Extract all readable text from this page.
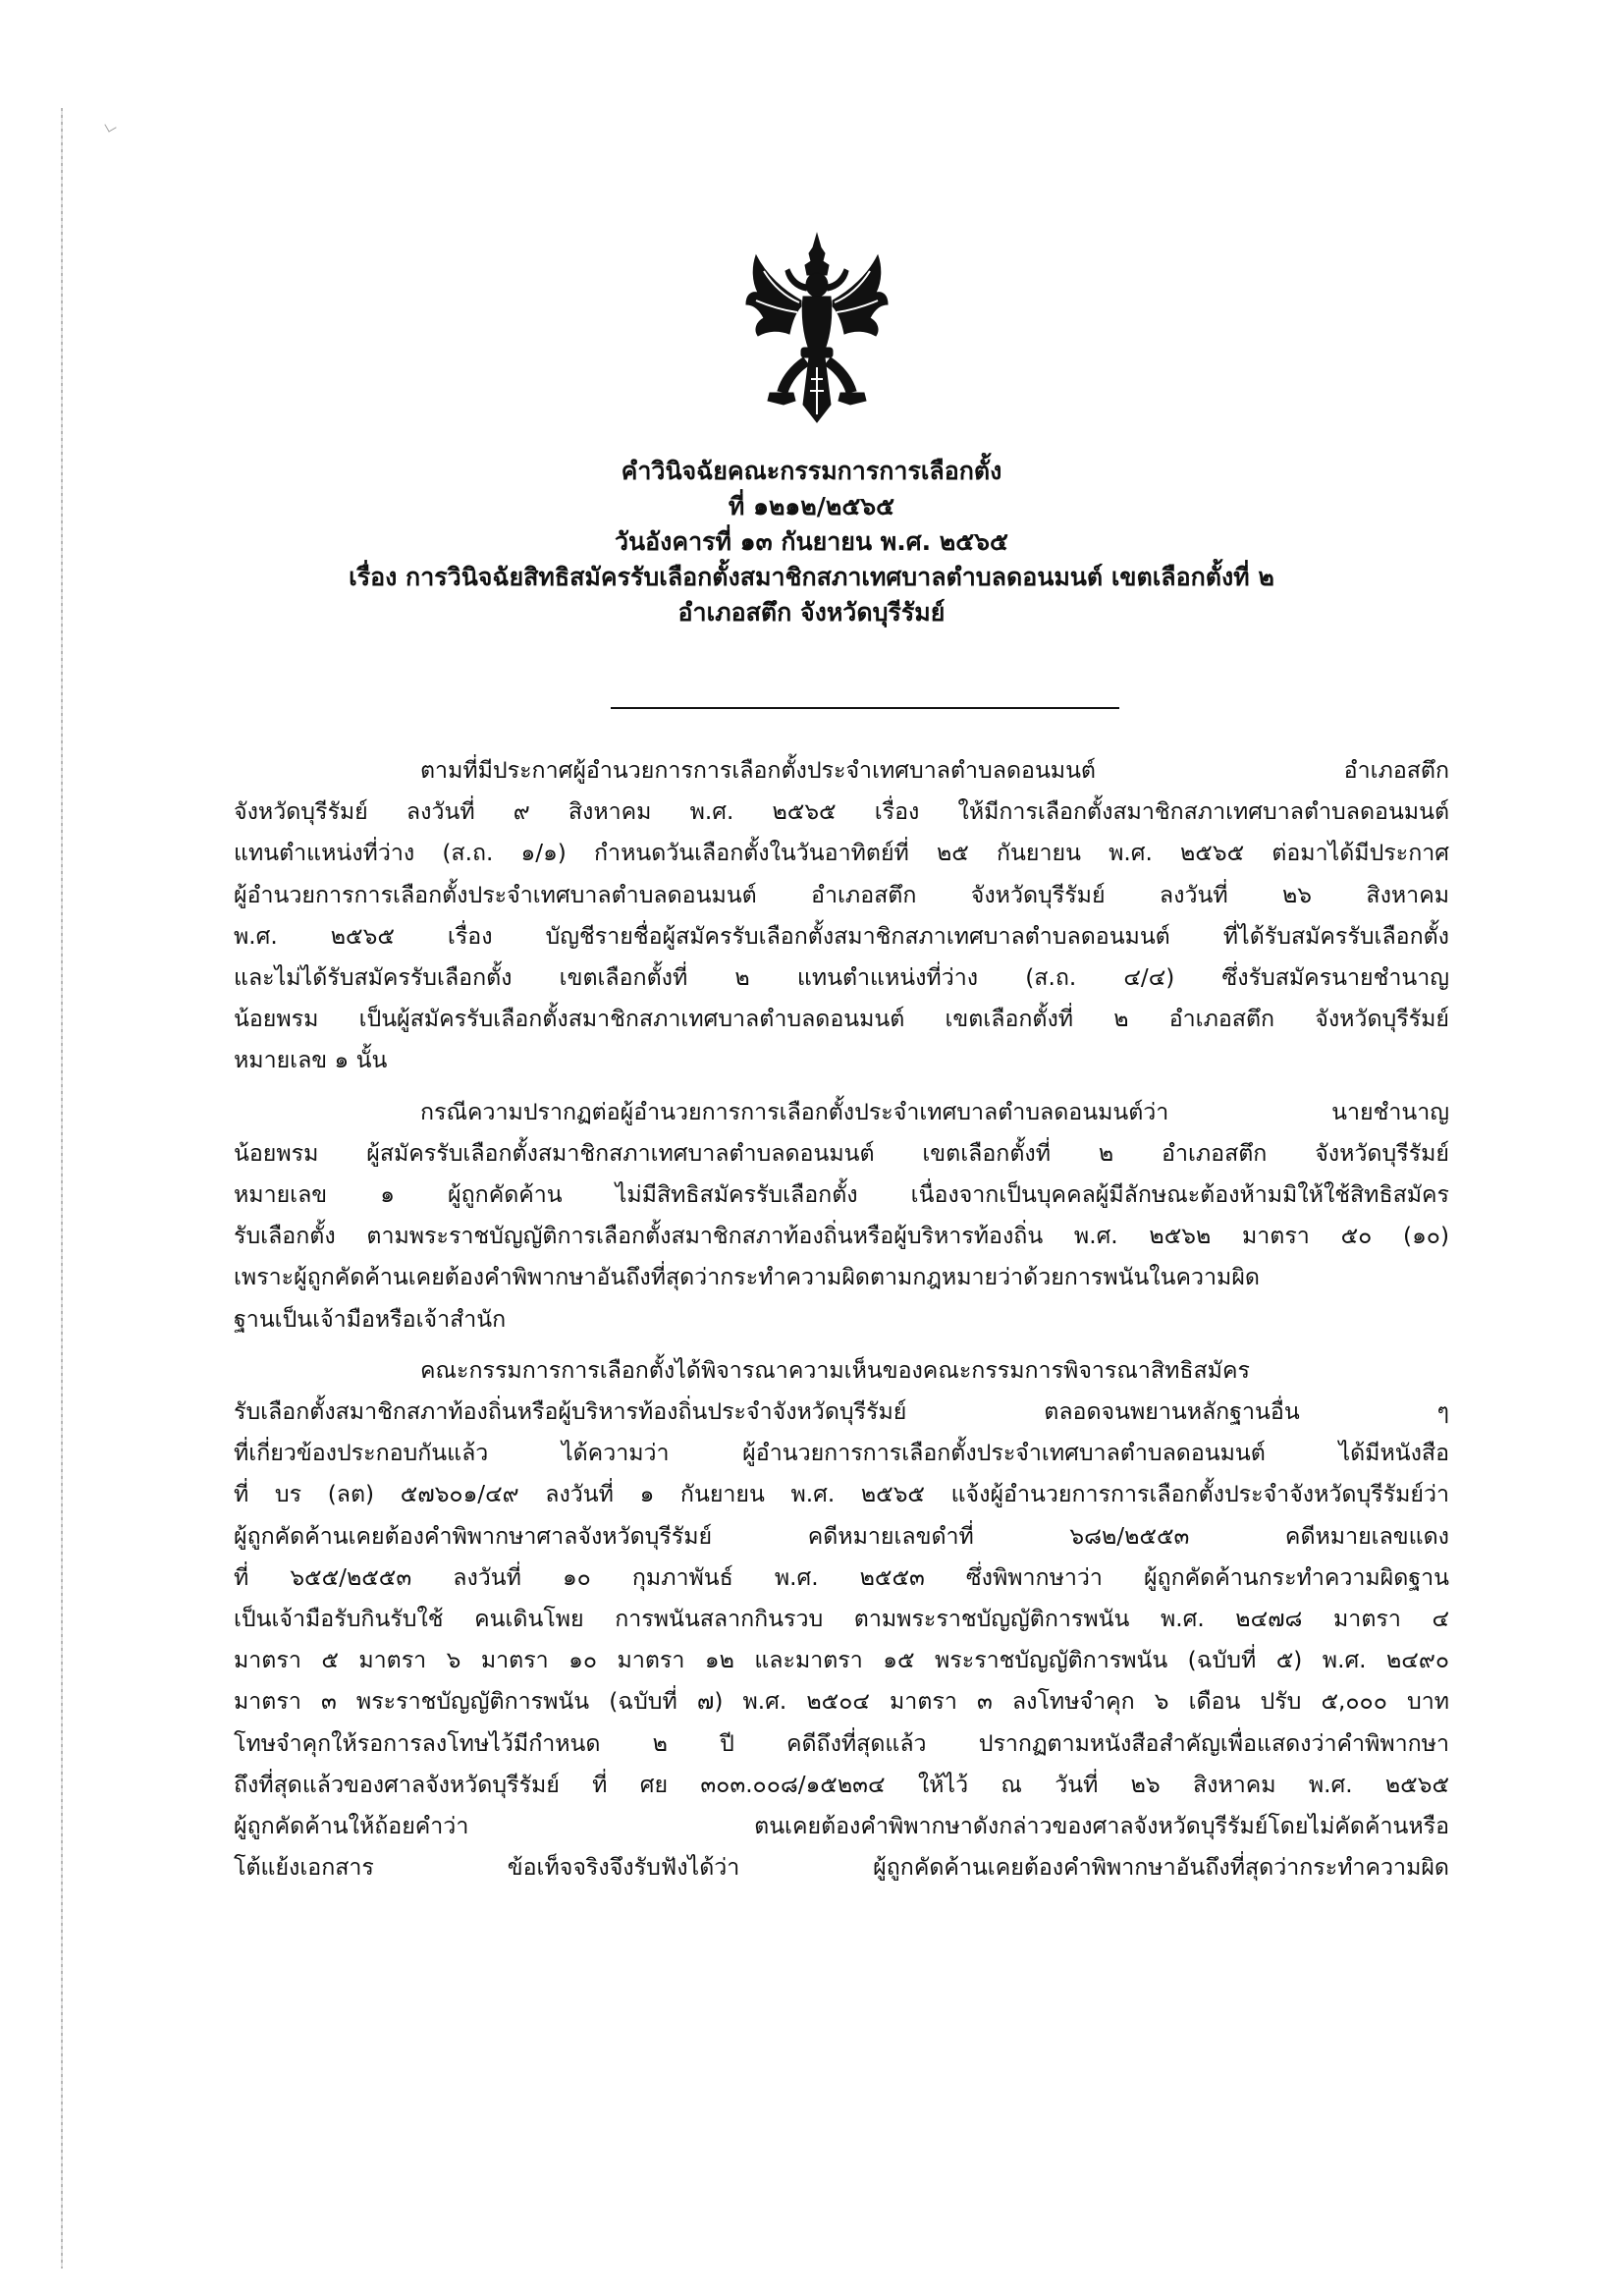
คำวินิจฉัยคณะกรรมการการเลือกตั้ง
ที่ ๑๒๑๒/๒๕๖๕
วันอังคารที่ ๑๓ กันยายน พ.ศ. ๒๕๖๕
เรื่อง การวินิจฉัยสิทธิสมัครรับเลือกตั้งสมาชิกสภาเทศบาลตำบลดอนมนต์ เขตเลือกตั้งที่ ๒
อำเภอสตึก จังหวัดบุรีรัมย์
ตามที่มีประกาศผู้อำนวยการการเลือกตั้งประจำเทศบาลตำบลดอนมนต์ อำเภอสตึก
จังหวัดบุรีรัมย์ ลงวันที่ ๙ สิงหาคม พ.ศ. ๒๕๖๕ เรื่อง ให้มีการเลือกตั้งสมาชิกสภาเทศบาลตำบลดอนมนต์
แทนตำแหน่งที่ว่าง (ส.ถ. ๑/๑) กำหนดวันเลือกตั้งในวันอาทิตย์ที่ ๒๕ กันยายน พ.ศ. ๒๕๖๕ ต่อมาได้มีประกาศ
ผู้อำนวยการการเลือกตั้งประจำเทศบาลตำบลดอนมนต์ อำเภอสตึก จังหวัดบุรีรัมย์ ลงวันที่ ๒๖ สิงหาคม
พ.ศ. ๒๕๖๕ เรื่อง บัญชีรายชื่อผู้สมัครรับเลือกตั้งสมาชิกสภาเทศบาลตำบลดอนมนต์ ที่ได้รับสมัครรับเลือกตั้ง
และไม่ได้รับสมัครรับเลือกตั้ง เขตเลือกตั้งที่ ๒ แทนตำแหน่งที่ว่าง (ส.ถ. ๔/๔) ซึ่งรับสมัครนายชำนาญ
น้อยพรม เป็นผู้สมัครรับเลือกตั้งสมาชิกสภาเทศบาลตำบลดอนมนต์ เขตเลือกตั้งที่ ๒ อำเภอสตึก จังหวัดบุรีรัมย์
หมายเลข ๑ นั้น
กรณีความปรากฏต่อผู้อำนวยการการเลือกตั้งประจำเทศบาลตำบลดอนมนต์ว่า นายชำนาญ
น้อยพรม ผู้สมัครรับเลือกตั้งสมาชิกสภาเทศบาลตำบลดอนมนต์ เขตเลือกตั้งที่ ๒ อำเภอสตึก จังหวัดบุรีรัมย์
หมายเลข ๑ ผู้ถูกคัดค้าน ไม่มีสิทธิสมัครรับเลือกตั้ง เนื่องจากเป็นบุคคลผู้มีลักษณะต้องห้ามมิให้ใช้สิทธิสมัคร
รับเลือกตั้ง ตามพระราชบัญญัติการเลือกตั้งสมาชิกสภาท้องถิ่นหรือผู้บริหารท้องถิ่น พ.ศ. ๒๕๖๒ มาตรา ๕๐ (๑๐)
เพราะผู้ถูกคัดค้านเคยต้องคำพิพากษาอันถึงที่สุดว่ากระทำความผิดตามกฎหมายว่าด้วยการพนันในความผิด
ฐานเป็นเจ้ามือหรือเจ้าสำนัก
คณะกรรมการการเลือกตั้งได้พิจารณาความเห็นของคณะกรรมการพิจารณาสิทธิสมัคร
รับเลือกตั้งสมาชิกสภาท้องถิ่นหรือผู้บริหารท้องถิ่นประจำจังหวัดบุรีรัมย์ ตลอดจนพยานหลักฐานอื่น ๆ
ที่เกี่ยวข้องประกอบกันแล้ว ได้ความว่า ผู้อำนวยการการเลือกตั้งประจำเทศบาลตำบลดอนมนต์ ได้มีหนังสือ
ที่ บร (ลต) ๕๗๖๐๑/๔๙ ลงวันที่ ๑ กันยายน พ.ศ. ๒๕๖๕ แจ้งผู้อำนวยการการเลือกตั้งประจำจังหวัดบุรีรัมย์ว่า
ผู้ถูกคัดค้านเคยต้องคำพิพากษาศาลจังหวัดบุรีรัมย์ คดีหมายเลขดำที่ ๖๘๒/๒๕๕๓ คดีหมายเลขแดง
ที่ ๖๕๕/๒๕๕๓ ลงวันที่ ๑๐ กุมภาพันธ์ พ.ศ. ๒๕๕๓ ซึ่งพิพากษาว่า ผู้ถูกคัดค้านกระทำความผิดฐาน
เป็นเจ้ามือรับกินรับใช้ คนเดินโพย การพนันสลากกินรวบ ตามพระราชบัญญัติการพนัน พ.ศ. ๒๔๗๘ มาตรา ๔
มาตรา ๕ มาตรา ๖ มาตรา ๑๐ มาตรา ๑๒ และมาตรา ๑๕ พระราชบัญญัติการพนัน (ฉบับที่ ๕) พ.ศ. ๒๔๙๐
มาตรา ๓ พระราชบัญญัติการพนัน (ฉบับที่ ๗) พ.ศ. ๒๕๐๔ มาตรา ๓ ลงโทษจำคุก ๖ เดือน ปรับ ๕,๐๐๐ บาท
โทษจำคุกให้รอการลงโทษไว้มีกำหนด ๒ ปี คดีถึงที่สุดแล้ว ปรากฏตามหนังสือสำคัญเพื่อแสดงว่าคำพิพากษา
ถึงที่สุดแล้วของศาลจังหวัดบุรีรัมย์ ที่ ศย ๓๐๓.๐๐๘/๑๕๒๓๔ ให้ไว้ ณ วันที่ ๒๖ สิงหาคม พ.ศ. ๒๕๖๕
ผู้ถูกคัดค้านให้ถ้อยคำว่า ตนเคยต้องคำพิพากษาดังกล่าวของศาลจังหวัดบุรีรัมย์โดยไม่คัดค้านหรือ
โต้แย้งเอกสาร ข้อเท็จจริงจึงรับฟังได้ว่า ผู้ถูกคัดค้านเคยต้องคำพิพากษาอันถึงที่สุดว่ากระทำความผิด
